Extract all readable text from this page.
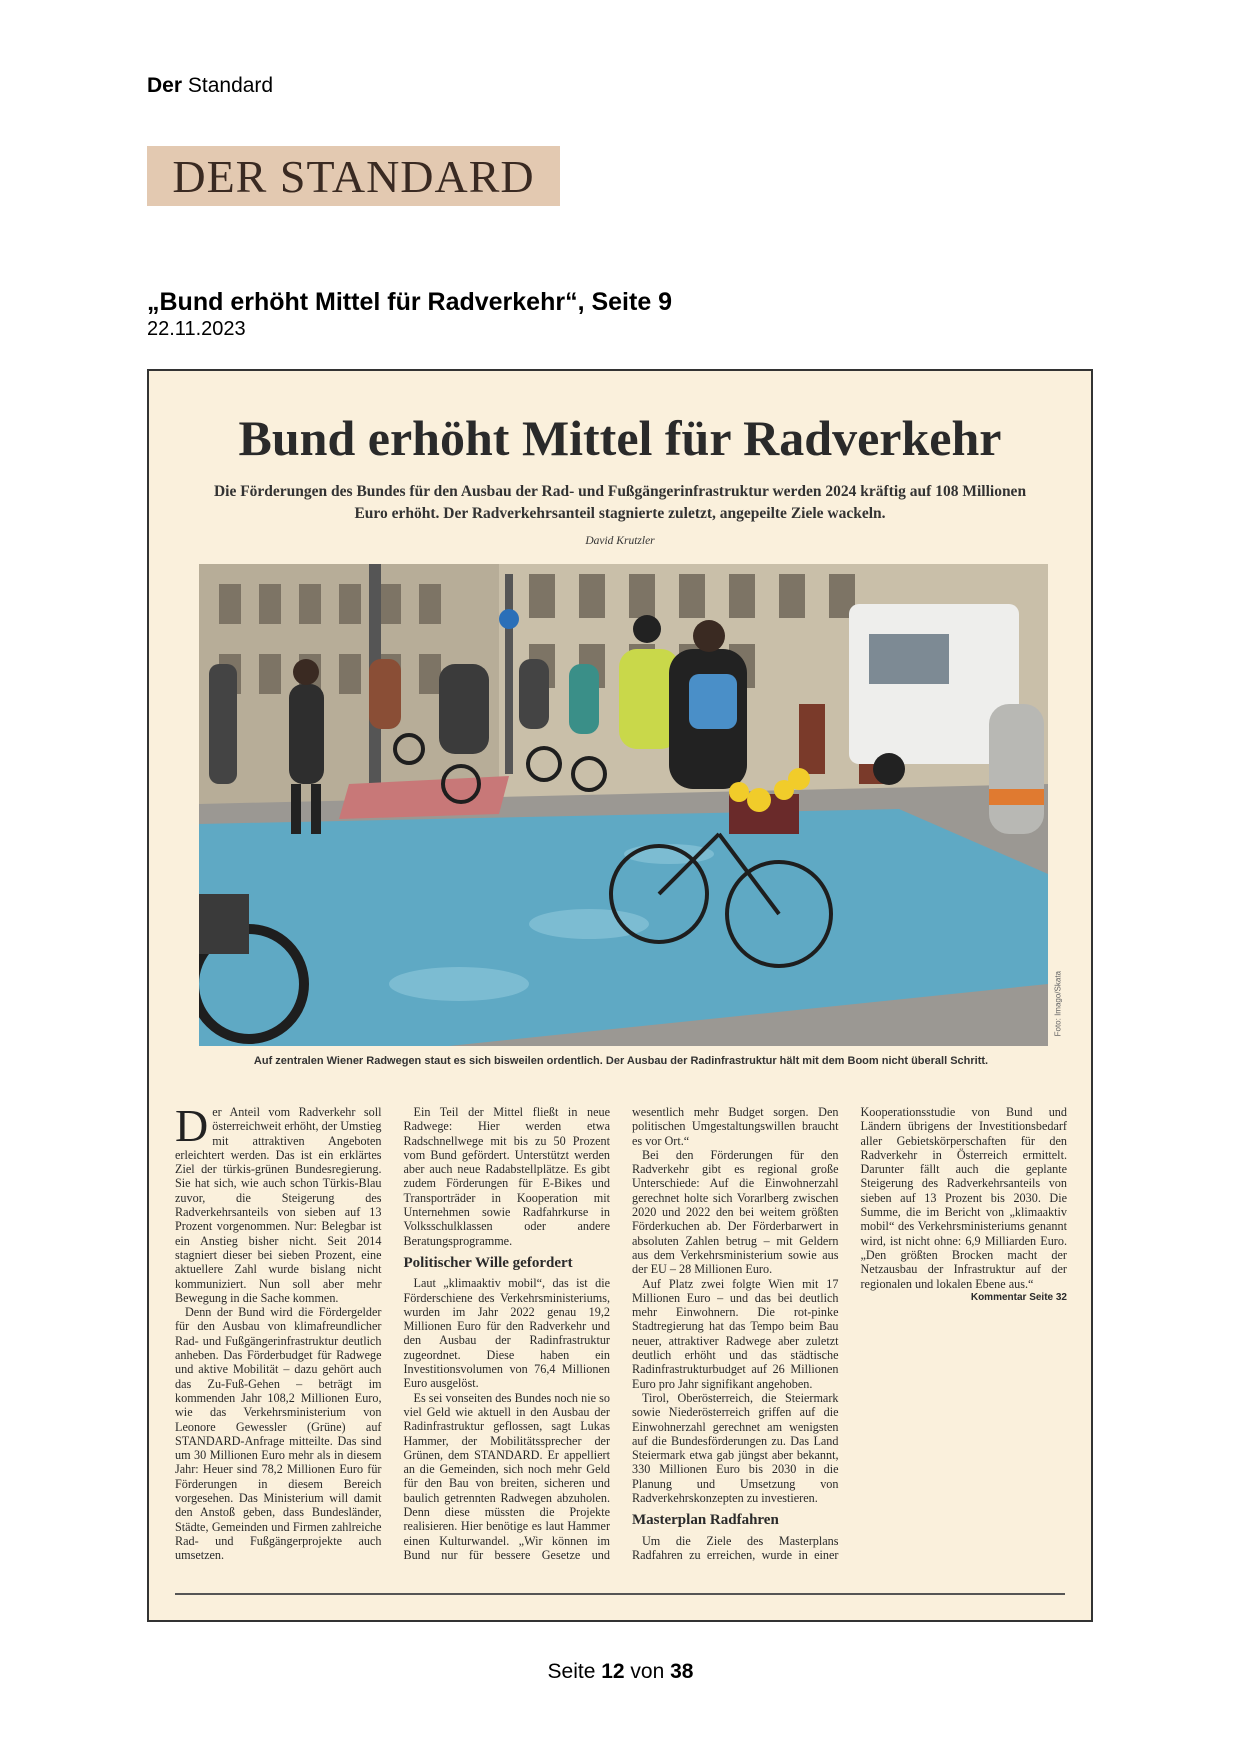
Der Standard
DER STANDARD
„Bund erhöht Mittel für Radverkehr“, Seite 9
22.11.2023
Bund erhöht Mittel für Radverkehr
Die Förderungen des Bundes für den Ausbau der Rad- und Fußgängerinfrastruktur werden 2024 kräftig auf 108 Millionen Euro erhöht. Der Radverkehrsanteil stagnierte zuletzt, angepeilte Ziele wackeln.
David Krutzler
Foto: Imago/Skata
Auf zentralen Wiener Radwegen staut es sich bisweilen ordentlich. Der Ausbau der Radinfrastruktur hält mit dem Boom nicht überall Schritt.

Der Anteil vom Radverkehr soll österreichweit erhöht, der Umstieg mit attraktiven Angeboten erleichtert werden. Das ist ein erklärtes Ziel der türkis-grünen Bundesregierung. Sie hat sich, wie auch schon Türkis-Blau zuvor, die Steigerung des Radverkehrsanteils von sieben auf 13 Prozent vorgenommen. Nur: Belegbar ist ein Anstieg bisher nicht. Seit 2014 stagniert dieser bei sieben Prozent, eine aktuellere Zahl wurde bislang nicht kommuniziert. Nun soll aber mehr Bewegung in die Sache kommen.

Denn der Bund wird die Fördergelder für den Ausbau von klimafreundlicher Rad- und Fußgängerinfrastruktur deutlich anheben. Das Förderbudget für Radwege und aktive Mobilität – dazu gehört auch das Zu-Fuß-Gehen – beträgt im kommenden Jahr 108,2 Millionen Euro, wie das Verkehrsministerium von Leonore Gewessler (Grüne) auf STANDARD-Anfrage mitteilte. Das sind um 30 Millionen Euro mehr als in diesem Jahr: Heuer sind 78,2 Millionen Euro für Förderungen in diesem Bereich vorgesehen. Das Ministerium will damit den Anstoß geben, dass Bundesländer, Städte, Gemeinden und Firmen zahlreiche Rad- und Fußgängerprojekte auch umsetzen.

Ein Teil der Mittel fließt in neue Radwege: Hier werden etwa Radschnellwege mit bis zu 50 Prozent vom Bund gefördert. Unterstützt werden aber auch neue Radabstellplätze. Es gibt zudem Förderungen für E-Bikes und Transporträder in Kooperation mit Unternehmen sowie Radfahrkurse in Volksschulklassen oder andere Beratungsprogramme.

Politischer Wille gefordert

Laut „klimaaktiv mobil“, das ist die Förderschiene des Verkehrsministeriums, wurden im Jahr 2022 genau 19,2 Millionen Euro für den Radverkehr und den Ausbau der Radinfrastruktur zugeordnet. Diese haben ein Investitionsvolumen von 76,4 Millionen Euro ausgelöst.

Es sei vonseiten des Bundes noch nie so viel Geld wie aktuell in den Ausbau der Radinfrastruktur geflossen, sagt Lukas Hammer, der Mobilitätssprecher der Grünen, dem STANDARD. Er appelliert an die Gemeinden, sich noch mehr Geld für den Bau von breiten, sicheren und baulich getrennten Radwegen abzuholen. Denn diese müssten die Projekte realisieren. Hier benötige es laut Hammer einen Kulturwandel. „Wir können im Bund nur für bessere Gesetze und wesentlich mehr Budget sorgen. Den politischen Umgestaltungswillen braucht es vor Ort.“

Bei den Förderungen für den Radverkehr gibt es regional große Unterschiede: Auf die Einwohnerzahl gerechnet holte sich Vorarlberg zwischen 2020 und 2022 den bei weitem größten Förderkuchen ab. Der Förderbarwert in absoluten Zahlen betrug – mit Geldern aus dem Verkehrsministerium sowie aus der EU – 28 Millionen Euro.

Auf Platz zwei folgte Wien mit 17 Millionen Euro – und das bei deutlich mehr Einwohnern. Die rot-pinke Stadtregierung hat das Tempo beim Bau neuer, attraktiver Radwege aber zuletzt deutlich erhöht und das städtische Radinfrastrukturbudget auf 26 Millionen Euro pro Jahr signifikant angehoben.

Tirol, Oberösterreich, die Steiermark sowie Niederösterreich griffen auf die Einwohnerzahl gerechnet am wenigsten auf die Bundesförderungen zu. Das Land Steiermark etwa gab jüngst aber bekannt, 330 Millionen Euro bis 2030 in die Planung und Umsetzung von Radverkehrskonzepten zu investieren.

Masterplan Radfahren

Um die Ziele des Masterplans Radfahren zu erreichen, wurde in einer Kooperationsstudie von Bund und Ländern übrigens der Investitionsbedarf aller Gebietskörperschaften für den Radverkehr in Österreich ermittelt. Darunter fällt auch die geplante Steigerung des Radverkehrsanteils von sieben auf 13 Prozent bis 2030. Die Summe, die im Bericht von „klimaaktiv mobil“ des Verkehrsministeriums genannt wird, ist nicht ohne: 6,9 Milliarden Euro. „Den größten Brocken macht der Netzausbau der Infrastruktur auf der regionalen und lokalen Ebene aus.“
Kommentar Seite 32

Seite 12 von 38
